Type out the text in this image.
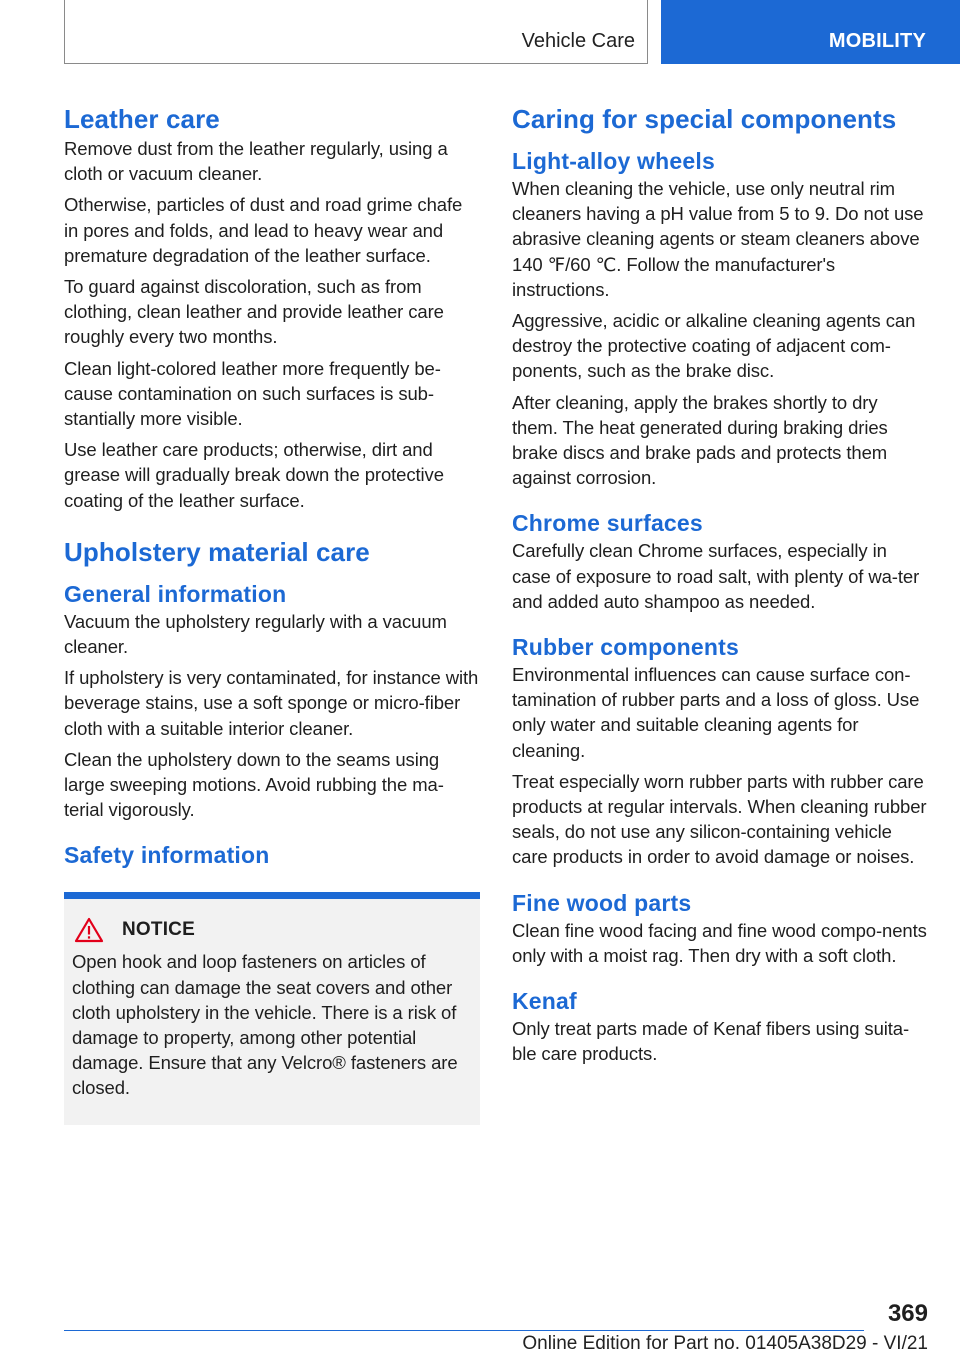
Vehicle Care	MOBILITY
Leather care

Remove dust from the leather regularly, using a cloth or vacuum cleaner.

Otherwise, particles of dust and road grime chafe in pores and folds, and lead to heavy wear and premature degradation of the leather surface.

To guard against discoloration, such as from clothing, clean leather and provide leather care roughly every two months.

Clean light-colored leather more frequently be-cause contamination on such surfaces is sub-stantially more visible.

Use leather care products; otherwise, dirt and grease will gradually break down the protective coating of the leather surface.

Upholstery material care
General information

Vacuum the upholstery regularly with a vacuum cleaner.

If upholstery is very contaminated, for instance with beverage stains, use a soft sponge or micro-fiber cloth with a suitable interior cleaner.

Clean the upholstery down to the seams using large sweeping motions. Avoid rubbing the ma-terial vigorously.

Safety information
NOTICE

Open hook and loop fasteners on articles of clothing can damage the seat covers and other cloth upholstery in the vehicle. There is a risk of damage to property, among other potential damage. Ensure that any Velcro® fasteners are closed.

Caring for special components
Light-alloy wheels

When cleaning the vehicle, use only neutral rim cleaners having a pH value from 5 to 9. Do not use abrasive cleaning agents or steam cleaners above 140 ℉/60 ℃. Follow the manufacturer's instructions.

Aggressive, acidic or alkaline cleaning agents can destroy the protective coating of adjacent com-ponents, such as the brake disc.

After cleaning, apply the brakes shortly to dry them. The heat generated during braking dries brake discs and brake pads and protects them against corrosion.

Chrome surfaces

Carefully clean Chrome surfaces, especially in case of exposure to road salt, with plenty of wa-ter and added auto shampoo as needed.

Rubber components

Environmental influences can cause surface con-tamination of rubber parts and a loss of gloss. Use only water and suitable cleaning agents for cleaning.

Treat especially worn rubber parts with rubber care products at regular intervals. When cleaning rubber seals, do not use any silicon-containing vehicle care products in order to avoid damage or noises.

Fine wood parts

Clean fine wood facing and fine wood compo-nents only with a moist rag. Then dry with a soft cloth.

Kenaf

Only treat parts made of Kenaf fibers using suita-ble care products.

369
Online Edition for Part no. 01405A38D29 - VI/21
